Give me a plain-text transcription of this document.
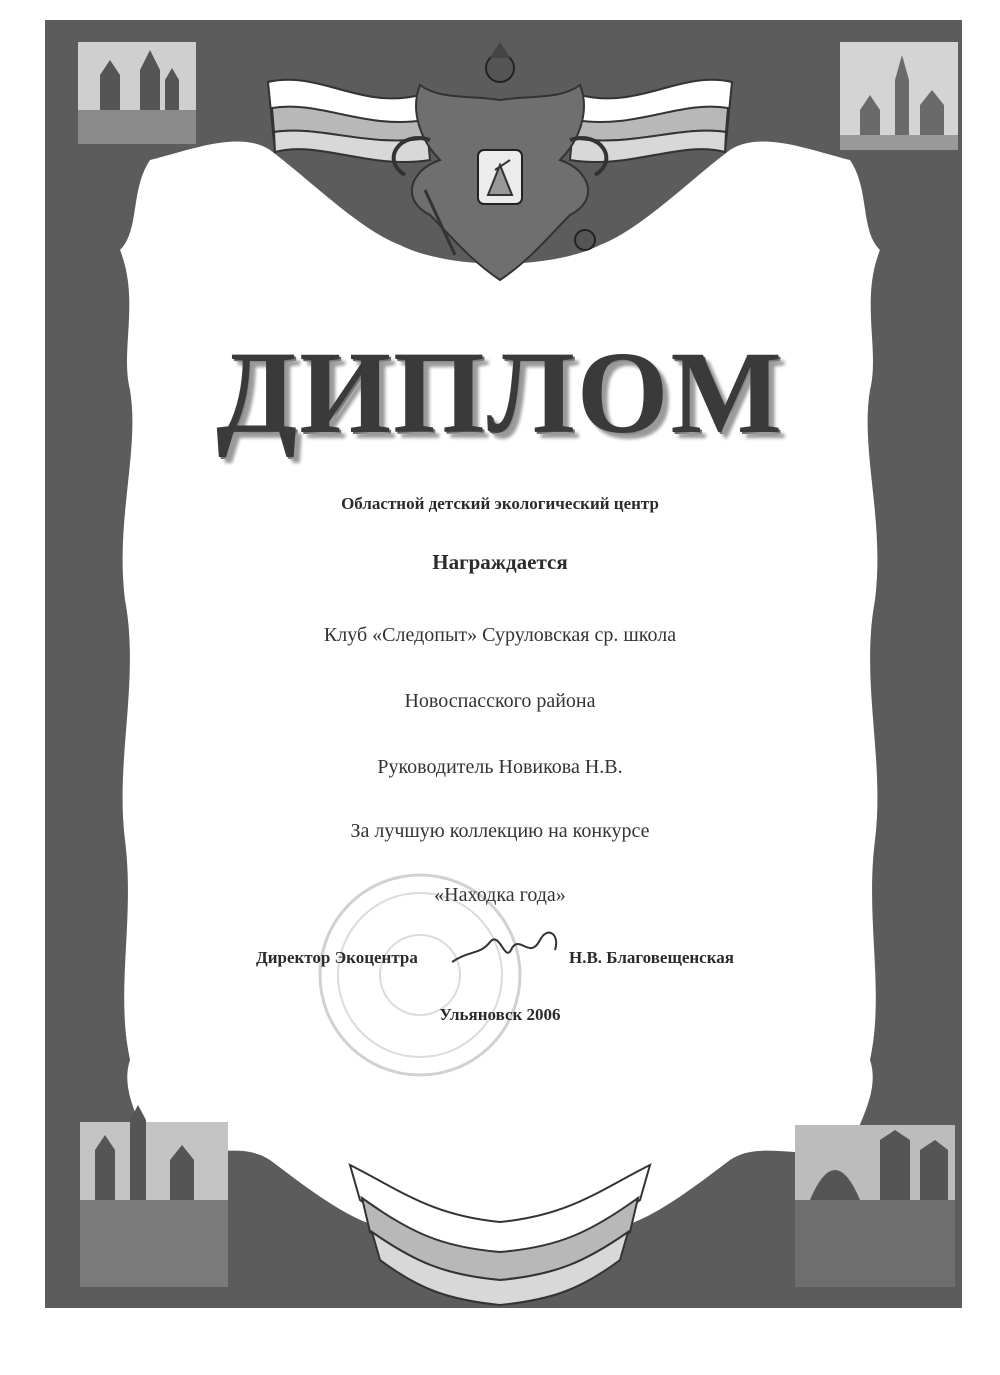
ДИПЛОМ
Областной детский экологический центр
Награждается
Клуб «Следопыт» Суруловская ср. школа
Новоспасского района
Руководитель Новикова Н.В.
За лучшую коллекцию на конкурсе
«Находка года»
Директор Экоцентра	Н.В. Благовещенская
Ульяновск 2006
